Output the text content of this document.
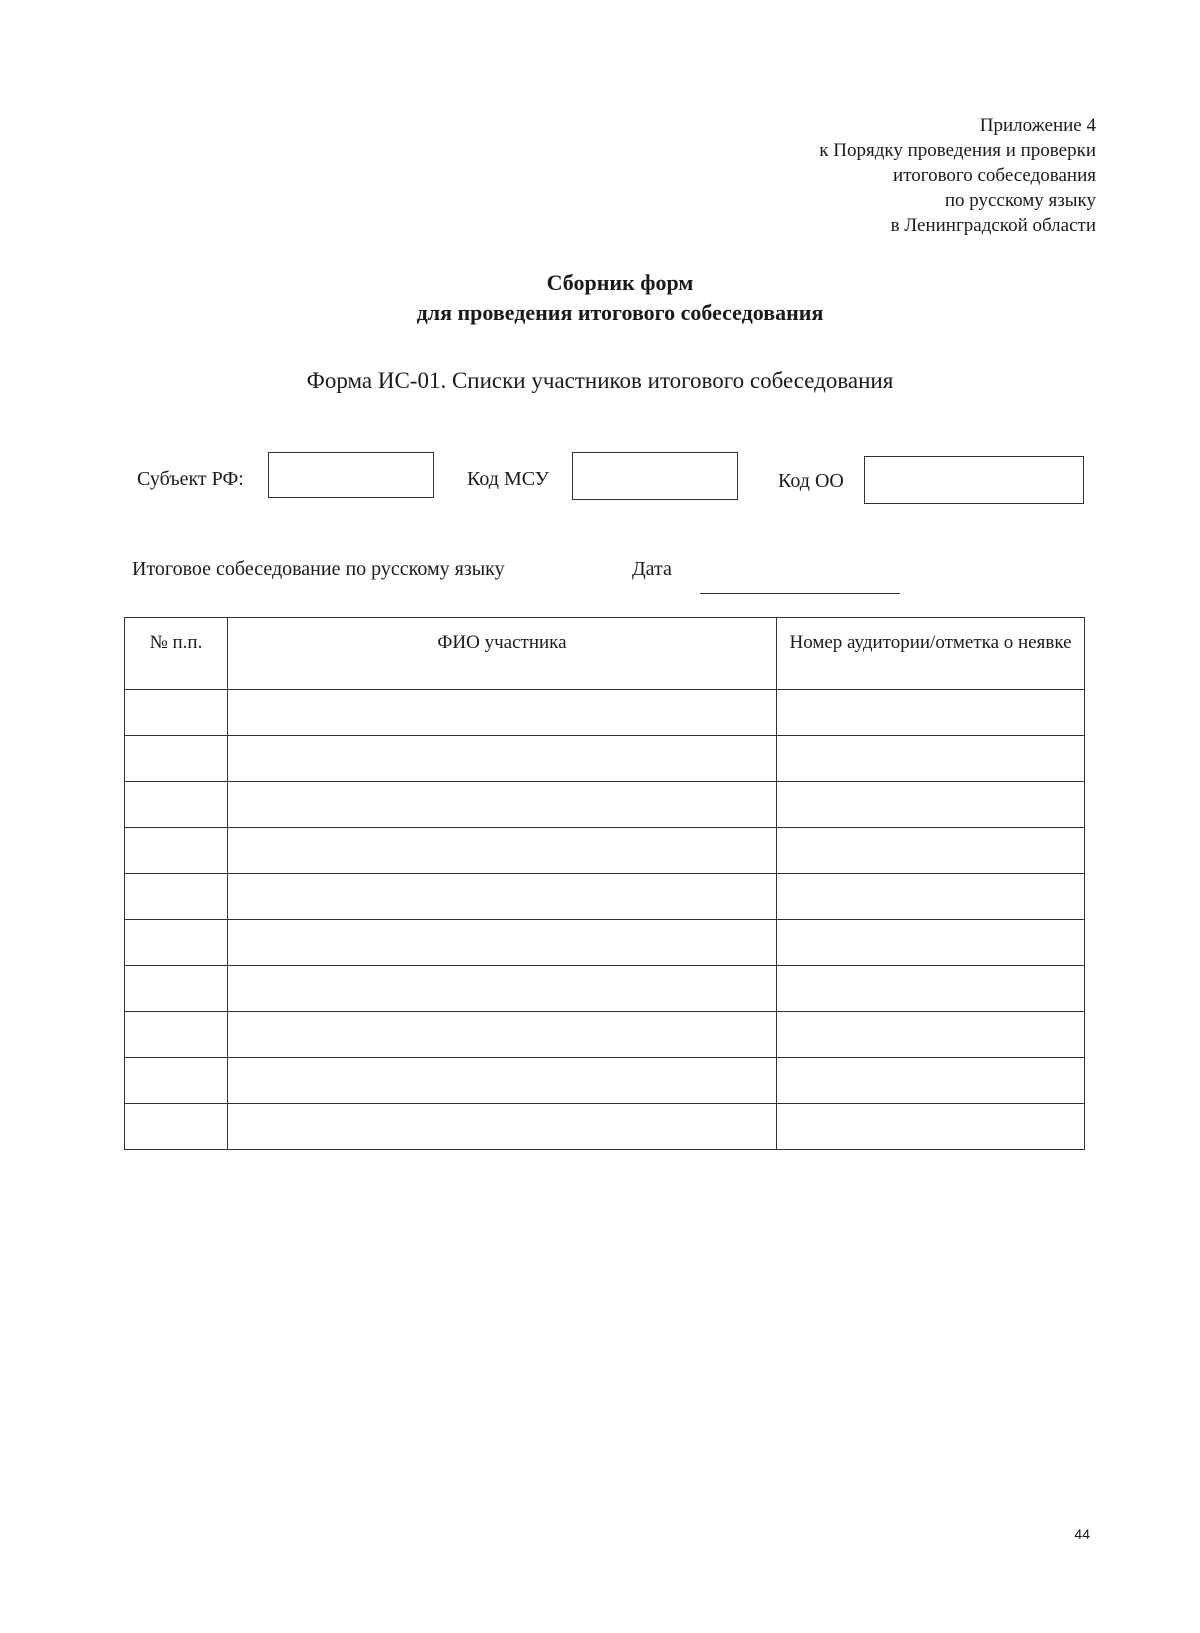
Приложение 4
к Порядку проведения и проверки
итогового собеседования
по русскому языку
в Ленинградской области
Сборник форм
для проведения итогового собеседования
Форма ИС-01. Списки участников итогового собеседования
Субъект РФ:	Код МСУ	Код ОО
Итоговое собеседование по русскому языку	Дата
№ п.п.	ФИО участника	Номер аудитории/отметка о неявке

44
